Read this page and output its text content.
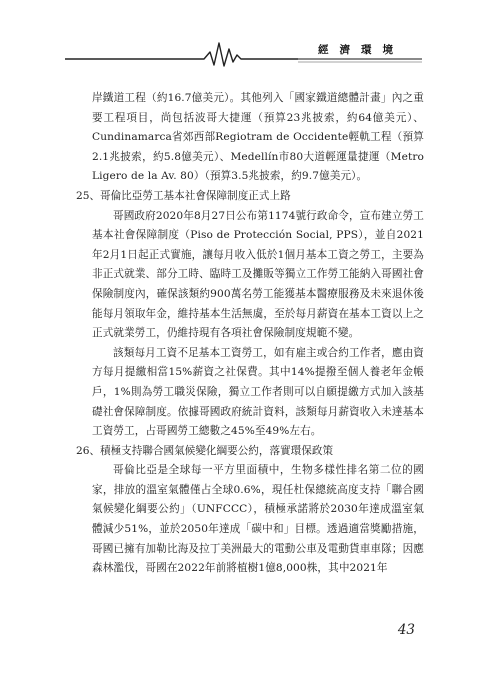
經濟環境

岸鐵道工程（約16.7億美元）。其他列入「國家鐵道總體計畫」內之重要工程項目，尚包括波哥大捷運（預算23兆披索，約64億美元）、Cundinamarca省郊西部Regiotram de Occidente輕軌工程（預算2.1兆披索，約5.8億美元）、Medellín市80大道輕運量捷運（Metro Ligero de la Av. 80）（預算3.5兆披索，約9.7億美元）。

25、哥倫比亞勞工基本社會保障制度正式上路

哥國政府2020年8月27日公布第1174號行政命令，宣布建立勞工基本社會保障制度（Piso de Protección Social, PPS），並自2021年2月1日起正式實施，讓每月收入低於1個月基本工資之勞工，主要為非正式就業、部分工時、臨時工及攤販等獨立工作勞工能納入哥國社會保險制度內，確保該類約900萬名勞工能獲基本醫療服務及未來退休後能每月領取年金，維持基本生活無虞，至於每月薪資在基本工資以上之正式就業勞工，仍維持現有各項社會保險制度規範不變。

該類每月工資不足基本工資勞工，如有雇主或合約工作者，應由資方每月提繳相當15%薪資之社保費。其中14%提撥至個人養老年金帳戶，1%則為勞工職災保險，獨立工作者則可以自願提繳方式加入該基礎社會保障制度。依據哥國政府統計資料，該類每月薪資收入未達基本工資勞工，占哥國勞工總數之45%至49%左右。

26、積極支持聯合國氣候變化綱要公約，落實環保政策

哥倫比亞是全球每一平方里面積中，生物多樣性排名第二位的國家，排放的溫室氣體僅占全球0.6%，現任杜保總統高度支持「聯合國氣候變化綱要公約」（UNFCCC），積極承諾將於2030年達成溫室氣體減少51%，並於2050年達成「碳中和」目標。透過適當獎勵措施，哥國已擁有加勒比海及拉丁美洲最大的電動公車及電動貨車車隊；因應森林濫伐，哥國在2022年前將植樹1億8,000株，其中2021年

43
